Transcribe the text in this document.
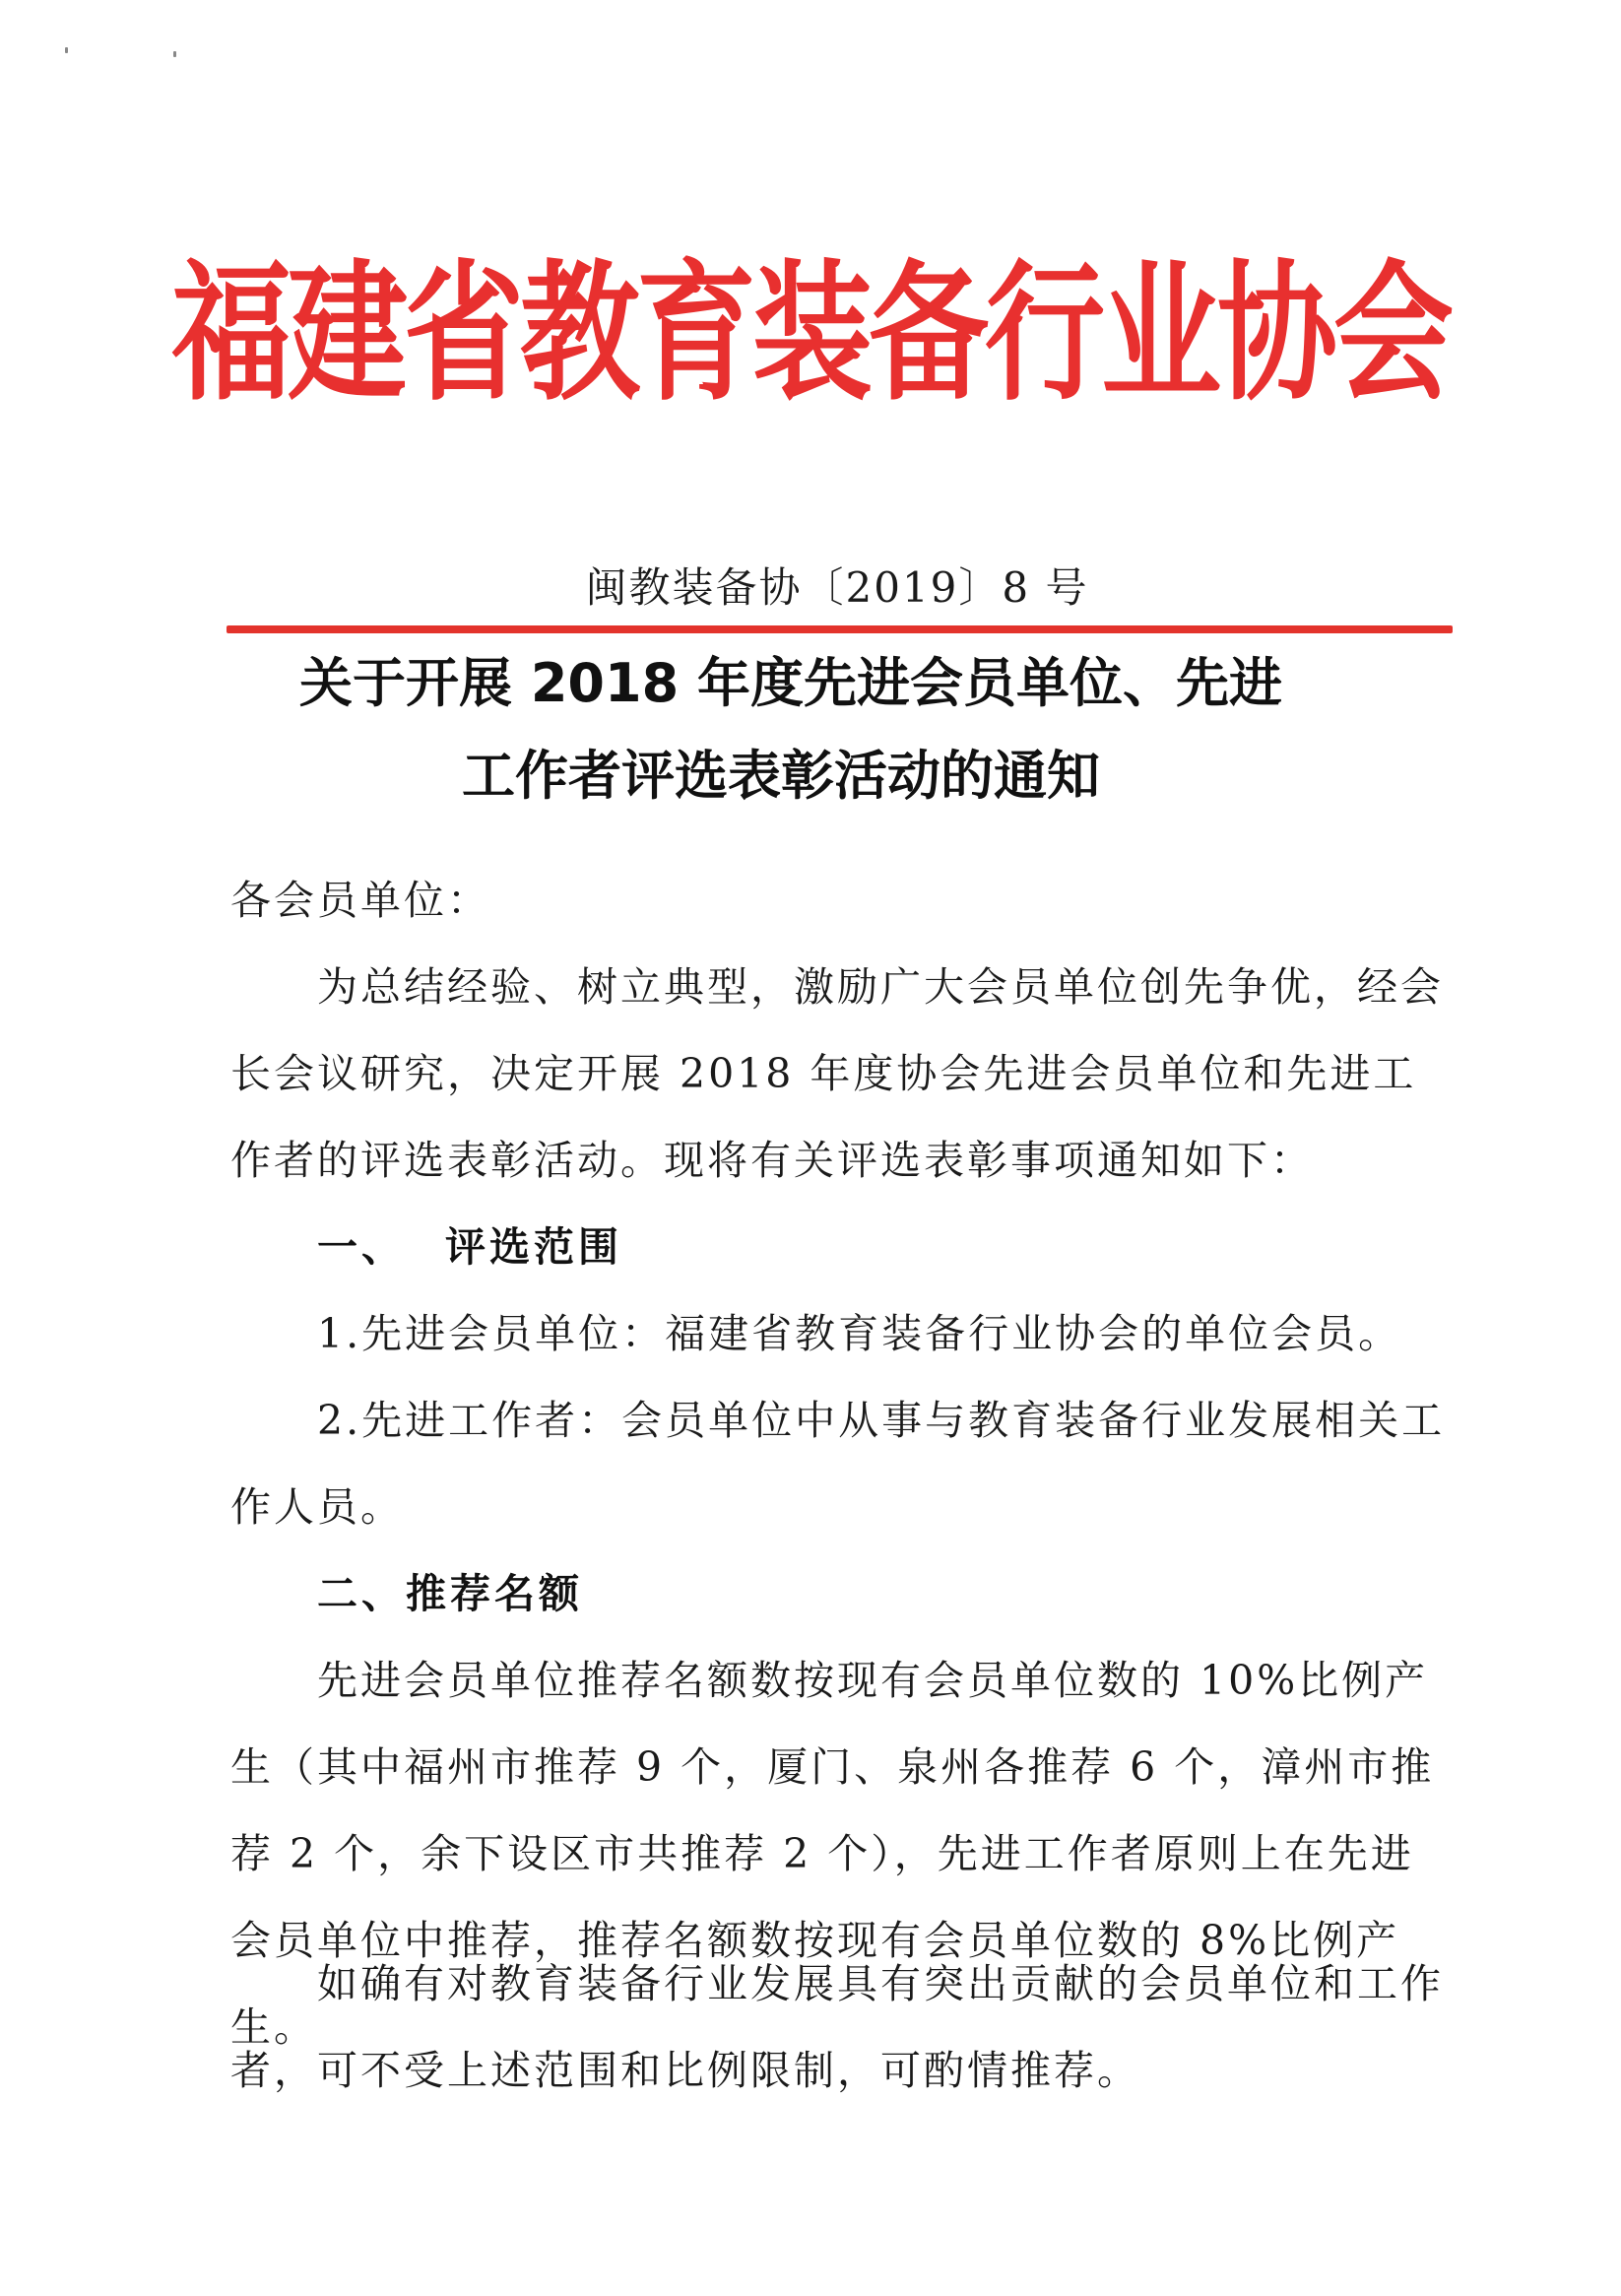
福建省教育装备行业协会
闽教装备协〔2019〕8 号
关于开展 2018 年度先进会员单位、先进
工作者评选表彰活动的通知

各会员单位：

为总结经验、树立典型，激励广大会员单位创先争优，经会长会议研究，决定开展 2018 年度协会先进会员单位和先进工作者的评选表彰活动。现将有关评选表彰事项通知如下：

一、 评选范围

1.先进会员单位：福建省教育装备行业协会的单位会员。

2.先进工作者：会员单位中从事与教育装备行业发展相关工作人员。

二、推荐名额

先进会员单位推荐名额数按现有会员单位数的 10%比例产生（其中福州市推荐 9 个，厦门、泉州各推荐 6 个，漳州市推荐 2 个，余下设区市共推荐 2 个），先进工作者原则上在先进会员单位中推荐，推荐名额数按现有会员单位数的 8%比例产生。

如确有对教育装备行业发展具有突出贡献的会员单位和工作者，可不受上述范围和比例限制，可酌情推荐。
